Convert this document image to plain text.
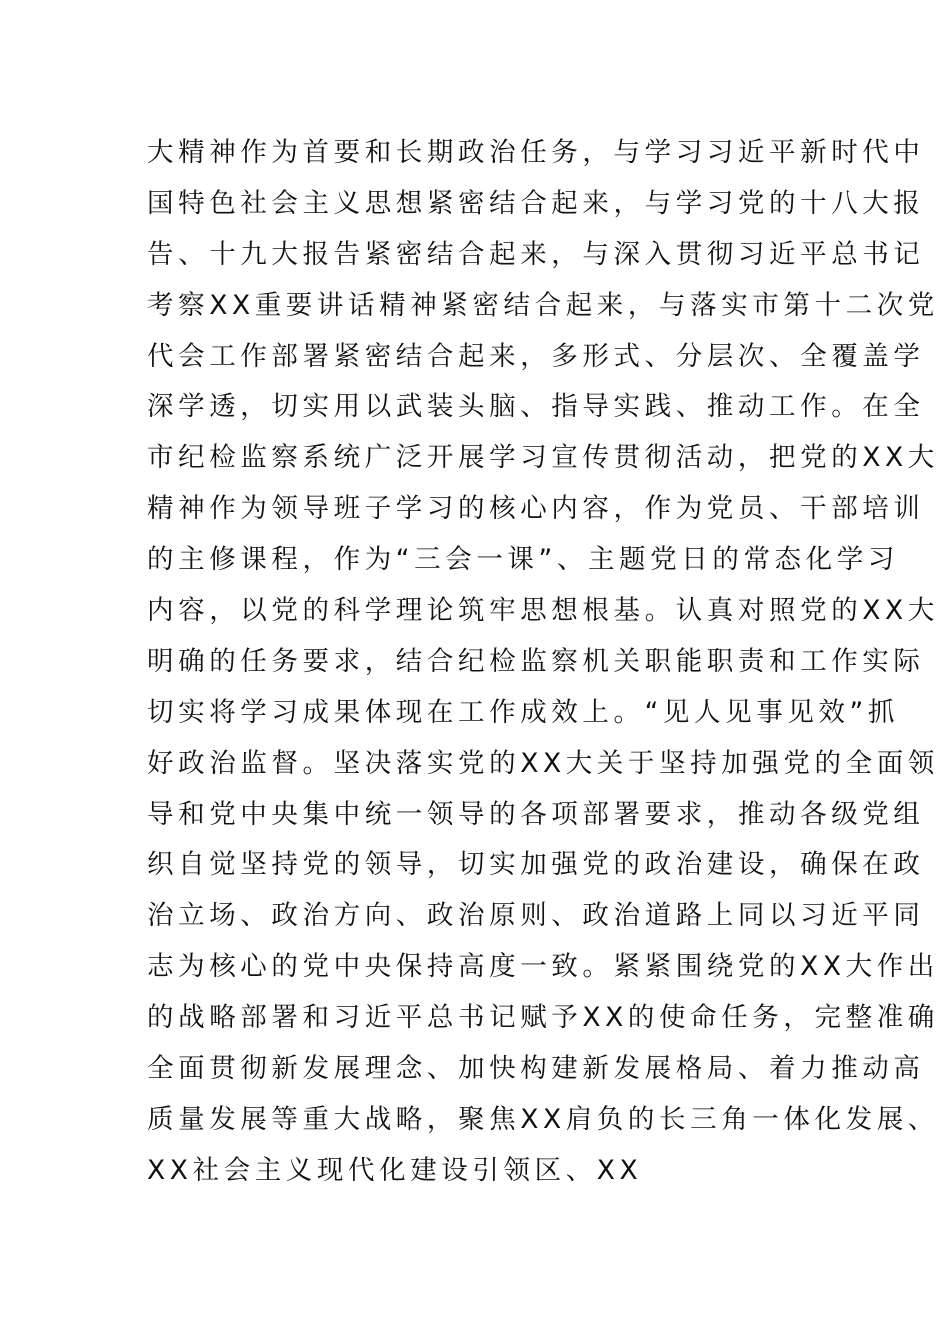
大精神作为首要和长期政治任务，与学习习近平新时代中
国特色社会主义思想紧密结合起来，与学习党的十八大报
告、十九大报告紧密结合起来，与深入贯彻习近平总书记
考察XX重要讲话精神紧密结合起来，与落实市第十二次党
代会工作部署紧密结合起来，多形式、分层次、全覆盖学
深学透，切实用以武装头脑、指导实践、推动工作。在全
市纪检监察系统广泛开展学习宣传贯彻活动，把党的XX大
精神作为领导班子学习的核心内容，作为党员、干部培训
的主修课程，作为“三会一课”、主题党日的常态化学习
内容，以党的科学理论筑牢思想根基。认真对照党的XX大
明确的任务要求，结合纪检监察机关职能职责和工作实际
切实将学习成果体现在工作成效上。“见人见事见效”抓
好政治监督。坚决落实党的XX大关于坚持加强党的全面领
导和党中央集中统一领导的各项部署要求，推动各级党组
织自觉坚持党的领导，切实加强党的政治建设，确保在政
治立场、政治方向、政治原则、政治道路上同以习近平同
志为核心的党中央保持高度一致。紧紧围绕党的XX大作出
的战略部署和习近平总书记赋予XX的使命任务，完整准确
全面贯彻新发展理念、加快构建新发展格局、着力推动高
质量发展等重大战略，聚焦XX肩负的长三角一体化发展、
XX社会主义现代化建设引领区、XX
